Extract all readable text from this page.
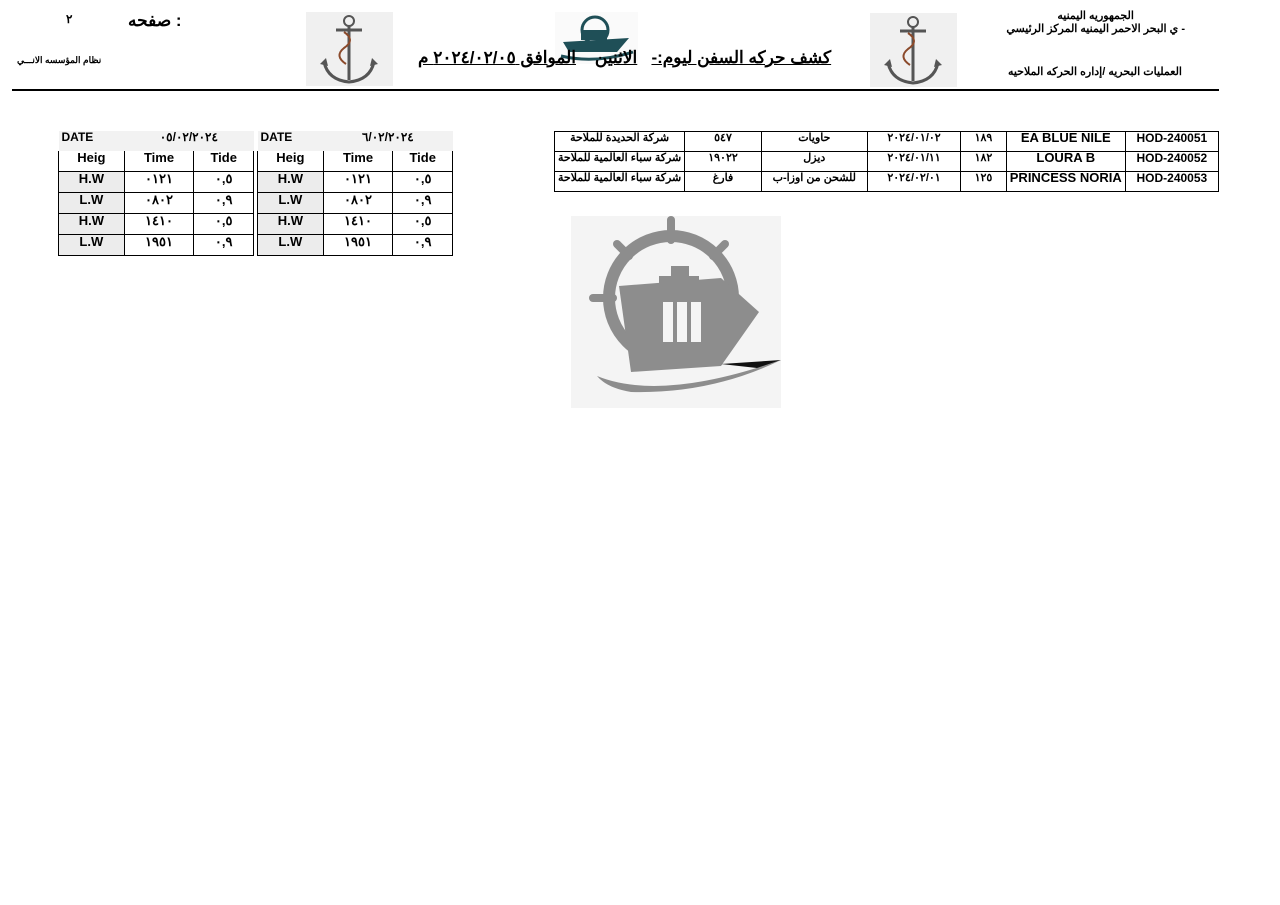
الجمهوريه اليمنيه
ي البحر الاحمر اليمنيه المركز الرئيسي -
العمليات البحريه /إداره الحركه الملاحيه
صفحه :
٢
نظام المؤسسه الانـــي	كشف حركه السفن ليوم:-   الاثنين    الموافق ٢٠٢٤/٠٢/٠٥ م
شركة الحديدة للملاحة	٥٤٧	حاويات	٢٠٢٤/٠١/٠٢	١٨٩	EA BLUE NILE	HOD-240051
شركة سباء العالمية للملاحة	١٩٠٢٢	ديزل	٢٠٢٤/٠١/١١	١٨٢	LOURA B	HOD-240052
شركة سباء العالمية للملاحة	فارغ	للشحن من اوزا-ب	٢٠٢٤/٠٢/٠١	١٢٥	PRINCESS NORIA	HOD-240053
DATE	٠٥/٠٢/٢٠٢٤	
Heig	Time	Tide
H.W	٠١٢١	٠,٥
L.W	٠٨٠٢	٠,٩
H.W	١٤١٠	٠,٥
L.W	١٩٥١	٠,٩
DATE	٦/٠٢/٢٠٢٤	
Heig	Time	Tide
H.W	٠١٢١	٠,٥
L.W	٠٨٠٢	٠,٩
H.W	١٤١٠	٠,٥
L.W	١٩٥١	٠,٩
